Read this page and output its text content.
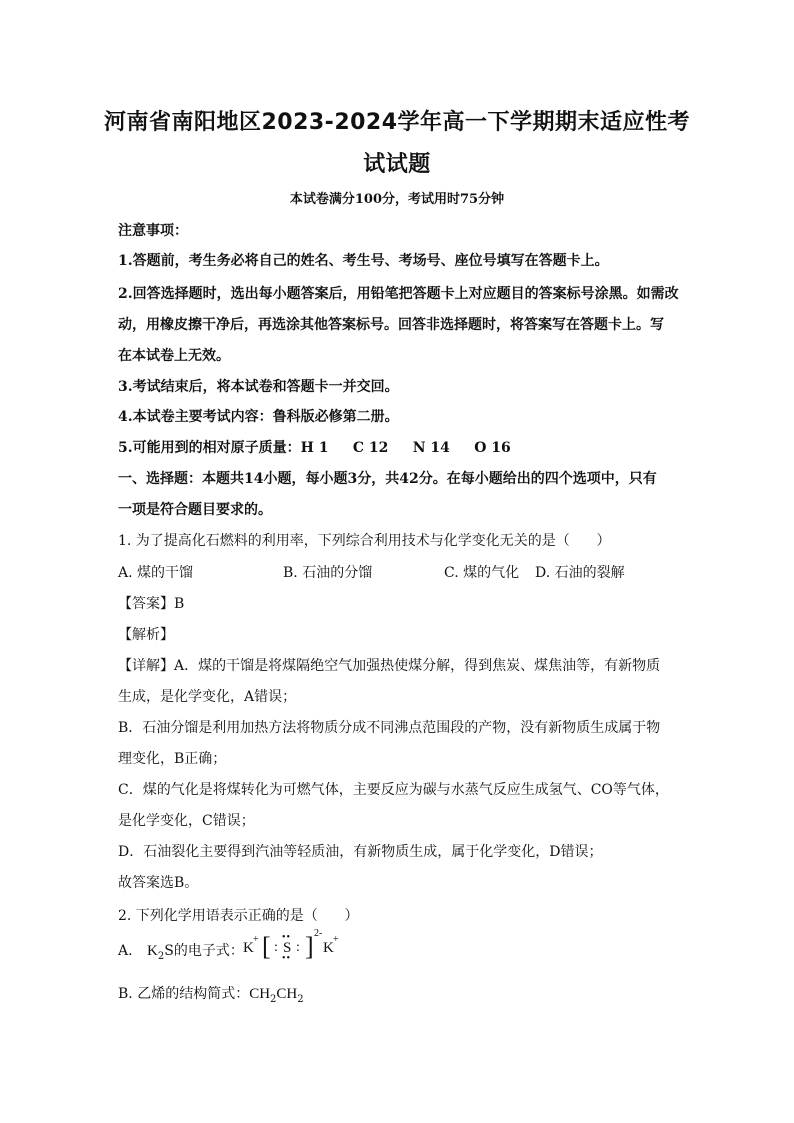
河南省南阳地区2023-2024学年高一下学期期末适应性考
试试题
本试卷满分100分，考试用时75分钟
注意事项：
1.答题前，考生务必将自己的姓名、考生号、考场号、座位号填写在答题卡上。
2.回答选择题时，选出每小题答案后，用铅笔把答题卡上对应题目的答案标号涂黑。如需改
动，用橡皮擦干净后，再选涂其他答案标号。回答非选择题时，将答案写在答题卡上。写
在本试卷上无效。
3.考试结束后，将本试卷和答题卡一并交回。
4.本试卷主要考试内容：鲁科版必修第二册。
5.可能用到的相对原子质量：H 1     C 12     N 14     O 16
一、选择题：本题共14小题，每小题3分，共42分。在每小题给出的四个选项中，只有
一项是符合题目要求的。
1. 为了提高化石燃料的利用率，下列综合利用技术与化学变化无关的是（      ）
A. 煤的干馏	B. 石油的分馏	C. 煤的气化 D. 石油的裂解
【答案】B
【解析】
【详解】A．煤的干馏是将煤隔绝空气加强热使煤分解，得到焦炭、煤焦油等，有新物质
生成，是化学变化，A错误；
B．石油分馏是利用加热方法将物质分成不同沸点范围段的产物，没有新物质生成属于物
理变化，B正确；
C．煤的气化是将煤转化为可燃气体，主要反应为碳与水蒸气反应生成氢气、CO等气体，
是化学变化，C错误；
D．石油裂化主要得到汽油等轻质油，有新物质生成，属于化学变化，D错误；
故答案选B。
2. 下列化学用语表示正确的是（      ）
A. $K_2S$的电子式： K
+ [ : S :
••
•• ] 2-
K
+
B. 乙烯的结构简式：$CH_2CH_2$
